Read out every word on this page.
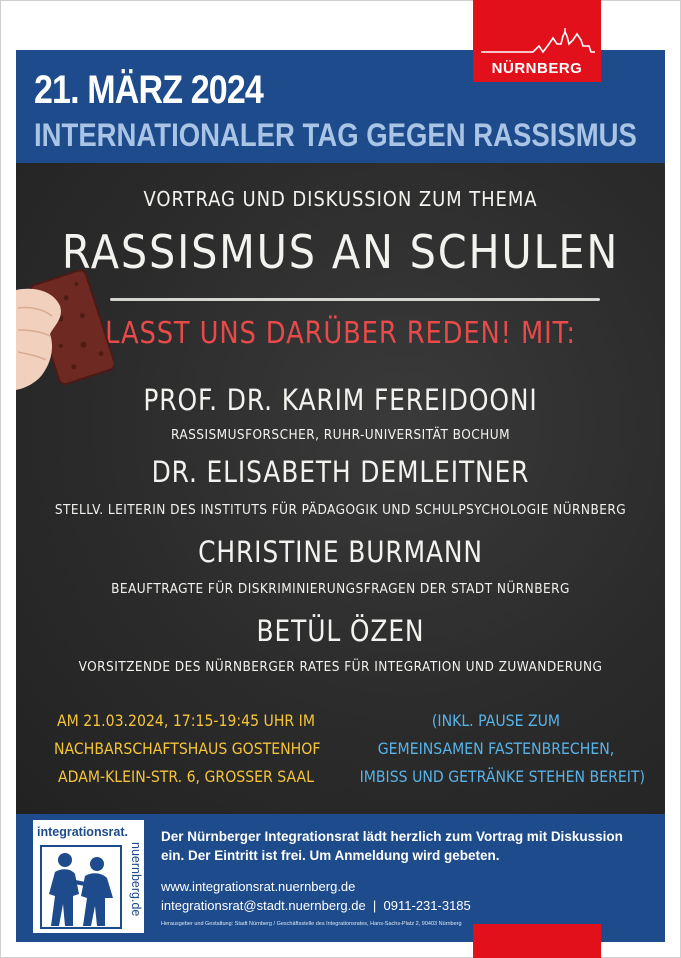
21. MÄRZ 2024
INTERNATIONALER TAG GEGEN RASSISMUS
NÜRNBERG
VORTRAG UND DISKUSSION ZUM THEMA
RASSISMUS AN SCHULEN
LASST UNS DARÜBER REDEN! MIT:
PROF. DR. KARIM FEREIDOONI
RASSISMUSFORSCHER, RUHR-UNIVERSITÄT BOCHUM
DR. ELISABETH DEMLEITNER
STELLV. LEITERIN DES INSTITUTS FÜR PÄDAGOGIK UND SCHULPSYCHOLOGIE NÜRNBERG
CHRISTINE BURMANN
BEAUFTRAGTE FÜR DISKRIMINIERUNGSFRAGEN DER STADT NÜRNBERG
BETÜL ÖZEN
VORSITZENDE DES NÜRNBERGER RATES FÜR INTEGRATION UND ZUWANDERUNG
AM 21.03.2024, 17:15-19:45 UHR IM
NACHBARSCHAFTSHAUS GOSTENHOF
ADAM-KLEIN-STR. 6, GROSSER SAAL
(INKL. PAUSE ZUM
GEMEINSAMEN FASTENBRECHEN,
IMBISS UND GETRÄNKE STEHEN BEREIT)
integrationsrat.
nuernberg.de
Der Nürnberger Integrationsrat lädt herzlich zum Vortrag mit Diskussion
ein. Der Eintritt ist frei. Um Anmeldung wird gebeten.
www.integrationsrat.nuernberg.de
integrationsrat@stadt.nuernberg.de  |  0911-231-3185
Herausgeber und Gestaltung: Stadt Nürnberg / Geschäftsstelle des Integrationsrates, Hans-Sachs-Platz 2, 90403 Nürnberg
